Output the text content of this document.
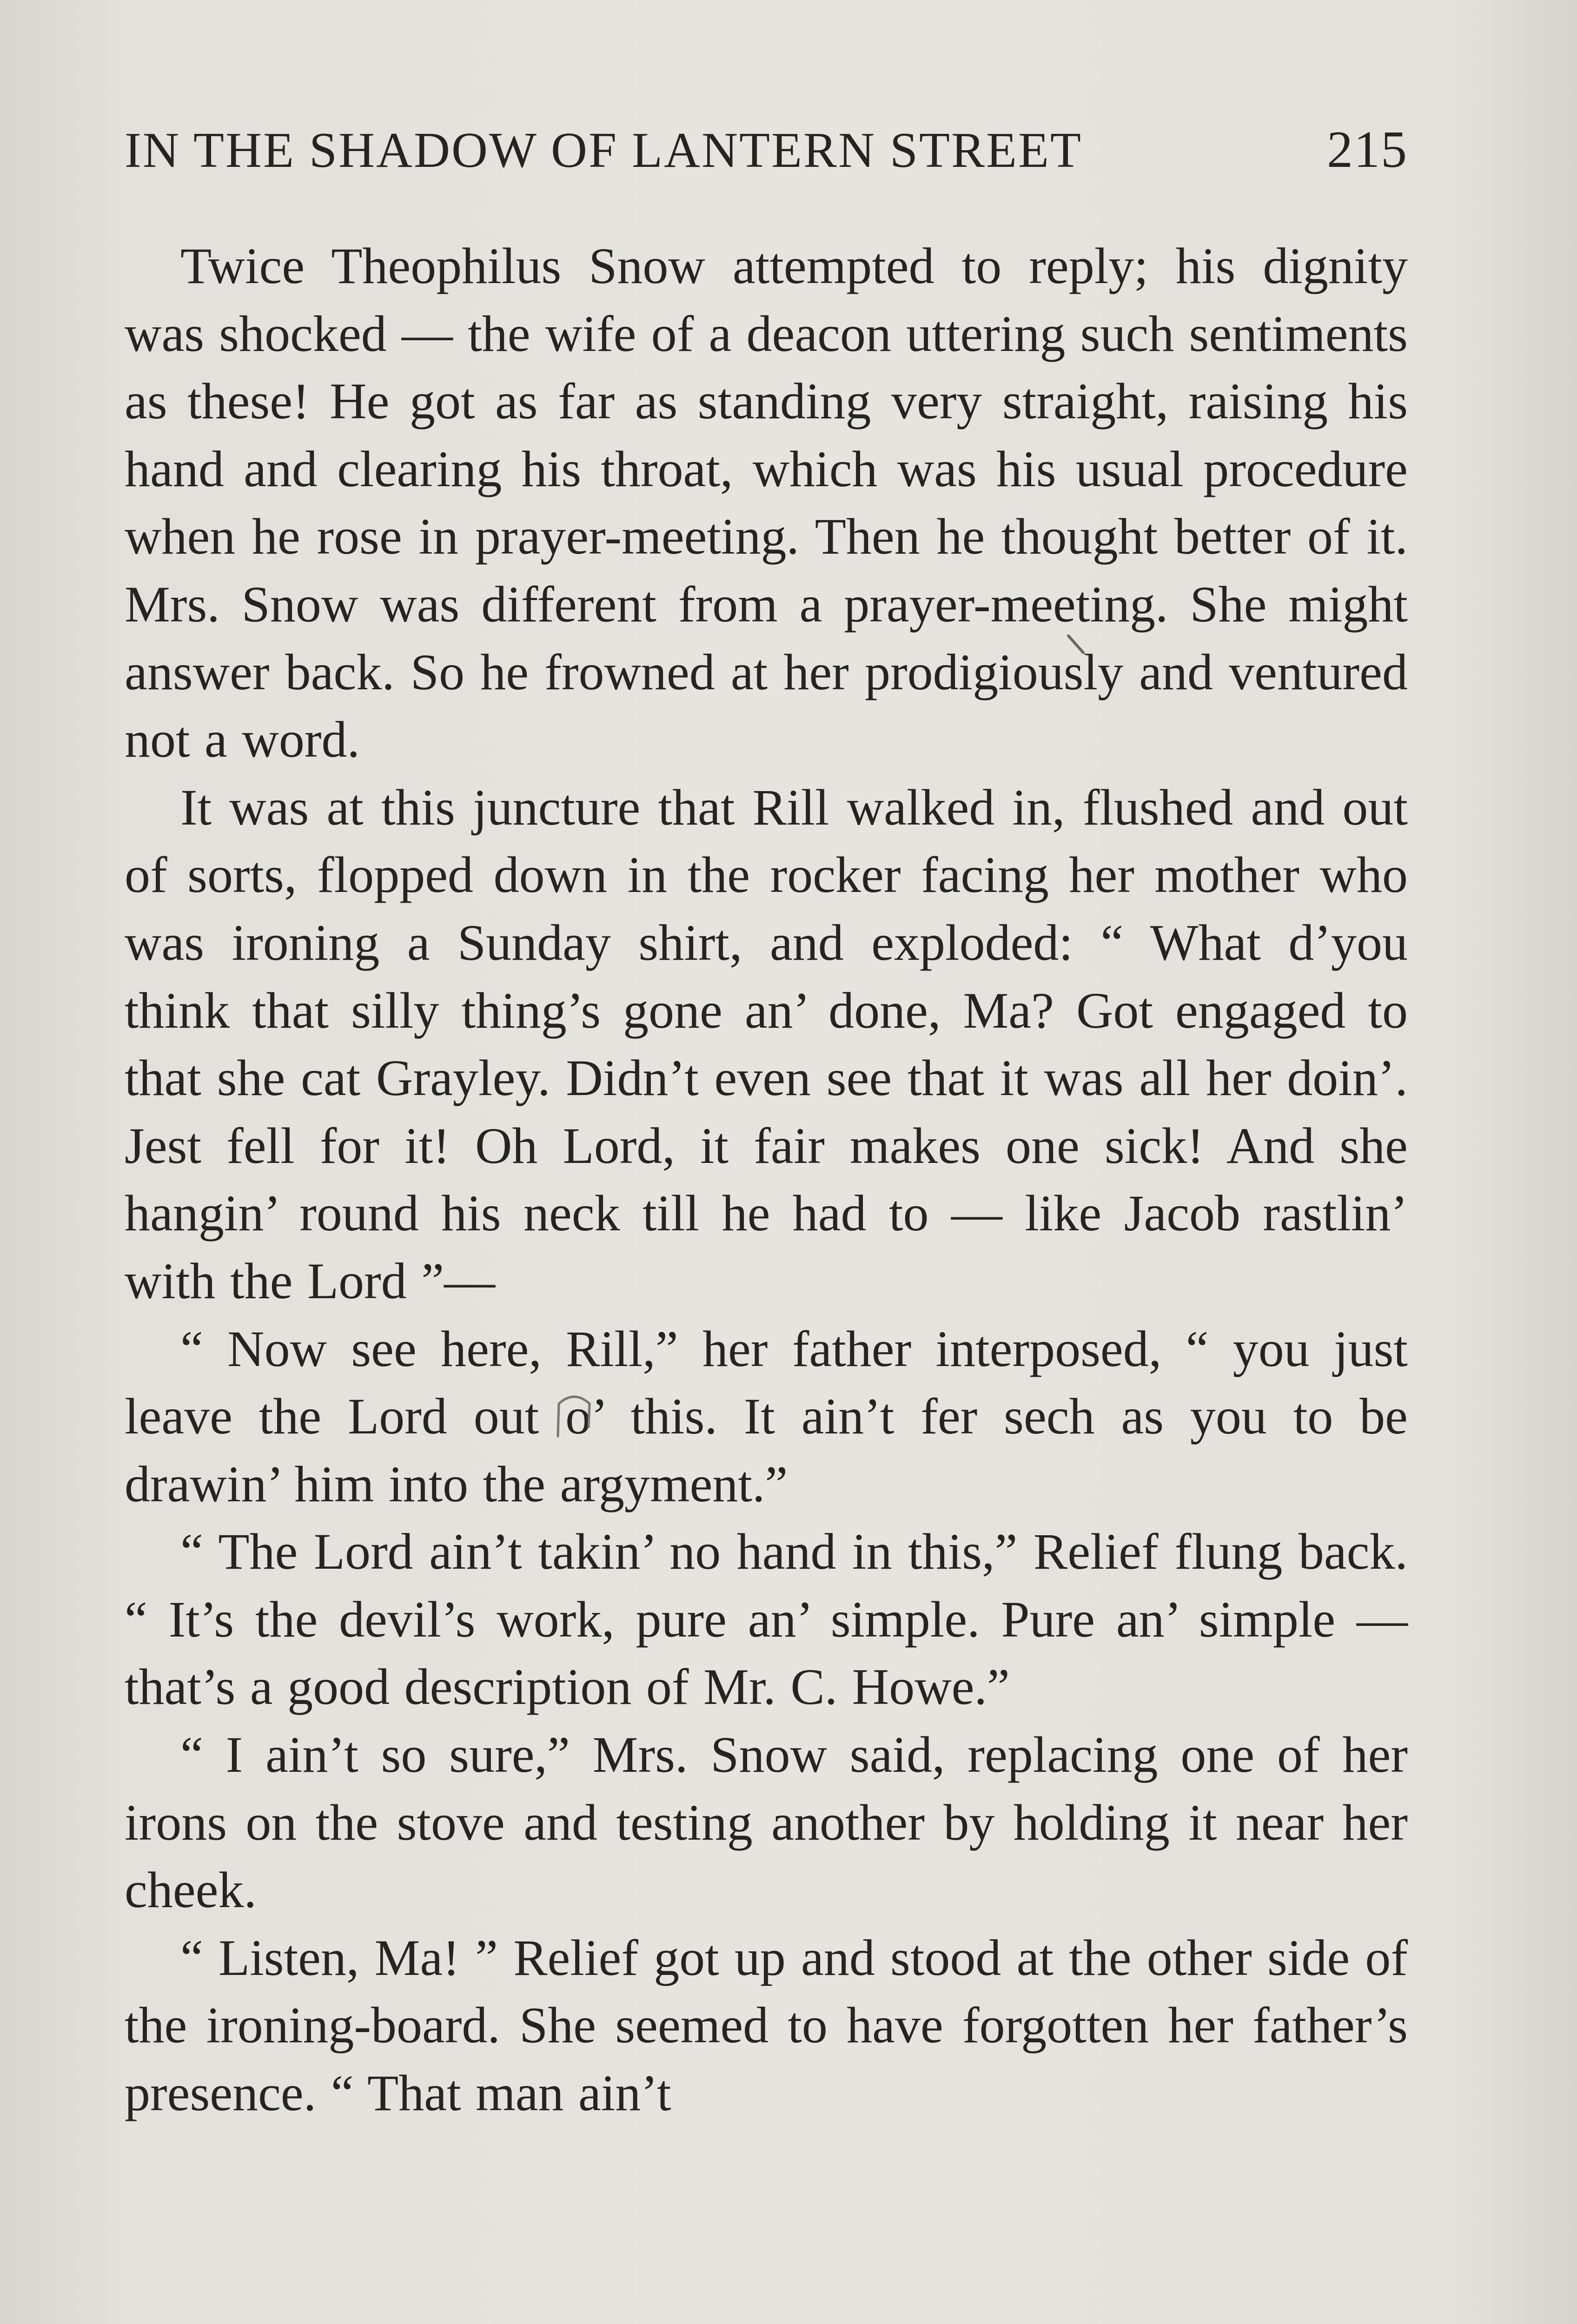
IN THE SHADOW OF LANTERN STREET	215

Twice Theophilus Snow attempted to reply; his dignity was shocked — the wife of a deacon uttering such sentiments as these! He got as far as standing very straight, raising his hand and clearing his throat, which was his usual procedure when he rose in prayer-meeting. Then he thought better of it. Mrs. Snow was different from a prayer-meeting. She might answer back. So he frowned at her prodigiously and ventured not a word.

It was at this juncture that Rill walked in, flushed and out of sorts, flopped down in the rocker facing her mother who was ironing a Sunday shirt, and exploded: “ What d’you think that silly thing’s gone an’ done, Ma? Got engaged to that she cat Grayley. Didn’t even see that it was all her doin’. Jest fell for it! Oh Lord, it fair makes one sick! And she hangin’ round his neck till he had to — like Jacob rastlin’ with the Lord ”—

“ Now see here, Rill,” her father interposed, “ you just leave the Lord out o’ this. It ain’t fer sech as you to be drawin’ him into the argyment.”

“ The Lord ain’t takin’ no hand in this,” Relief flung back. “ It’s the devil’s work, pure an’ simple. Pure an’ simple — that’s a good description of Mr. C. Howe.”

“ I ain’t so sure,” Mrs. Snow said, replacing one of her irons on the stove and testing another by holding it near her cheek.

“ Listen, Ma! ” Relief got up and stood at the other side of the ironing-board. She seemed to have forgotten her father’s presence. “ That man ain’t
